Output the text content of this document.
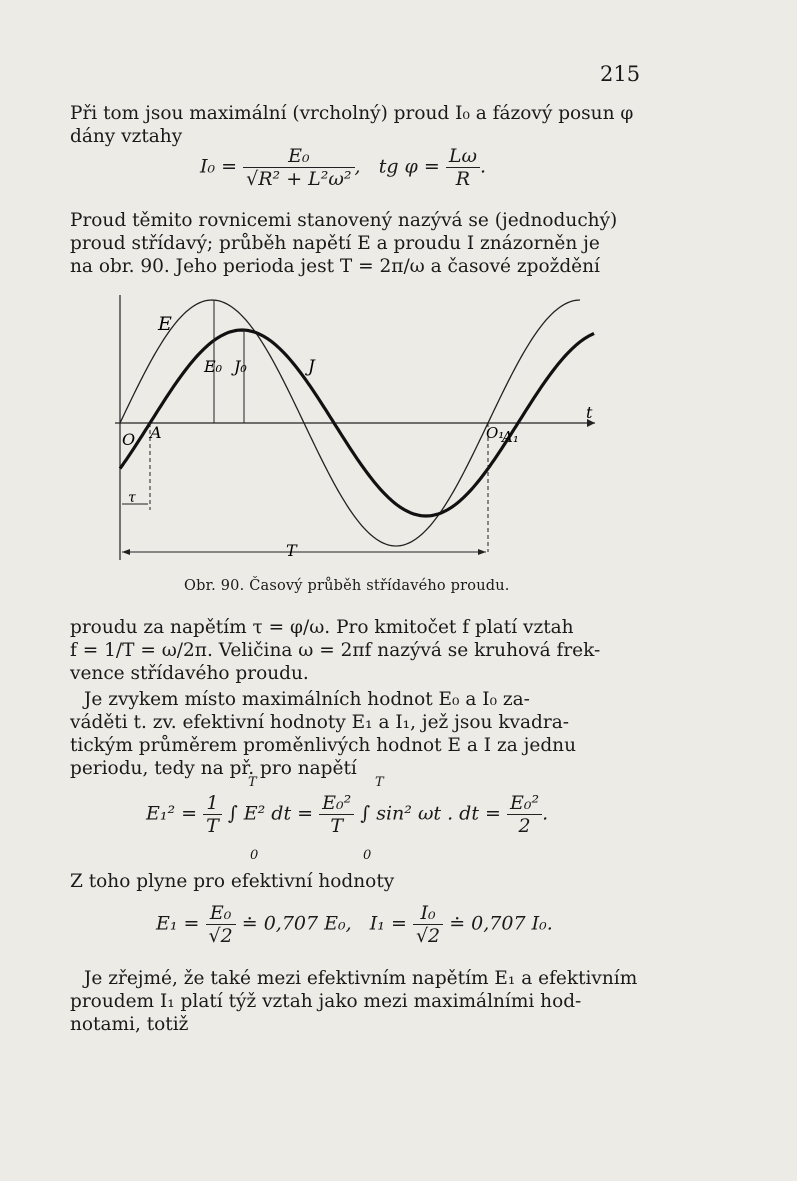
215
Při tom jsou maximální (vrcholný) proud I₀ a fázový posun φ
dány vztahy
$I_0 = \frac{\text{E₀}}{\text{√R² + L²ω²}}$ , tg $\varphi = \frac{L\omega}{R}$ .
Proud těmito rovnicemi stanovený nazývá se (jednoduchý)
proud střídavý; průběh napětí E a proudu I znázorněn je
na obr. 90. Jeho perioda jest T = 2π/ω a časové zpoždění
E
E₀ J₀	J
O A	O₁
A₁
t
τ
T
Obr. 90. Časový průběh střídavého proudu.
proudu za napětím τ = φ/ω. Pro kmitočet f platí vztah
f = 1/T = ω/2π. Veličina ω = 2πf nazývá se kruhová frek-
vence střídavého proudu.
Je zvykem místo maximálních hodnot E₀ a I₀ za-
váděti t. zv. efektivní hodnoty E₁ a I₁, jež jsou kvadra-
tickým průměrem proměnlivých hodnot E a I za jednu
periodu, tedy na př. pro napětí
$E_1^2 = \frac{1}{T}$ ∫ E² dt = $\frac{\text{E₀²}}{T}$ ∫ sin² ωt . dt = $\frac{\text{E₀²}}{2}$ .
T
0
T
0
Z toho plyne pro efektivní hodnoty
$E_1 = \frac{\text{E₀}}{√2}$ ≐ 0,707 E₀, $I_1 = \frac{\text{I₀}}{√2}$ ≐ 0,707 I₀.
Je zřejmé, že také mezi efektivním napětím E₁ a efektivním
proudem I₁ platí týž vztah jako mezi maximálními hod-
notami, totiž
